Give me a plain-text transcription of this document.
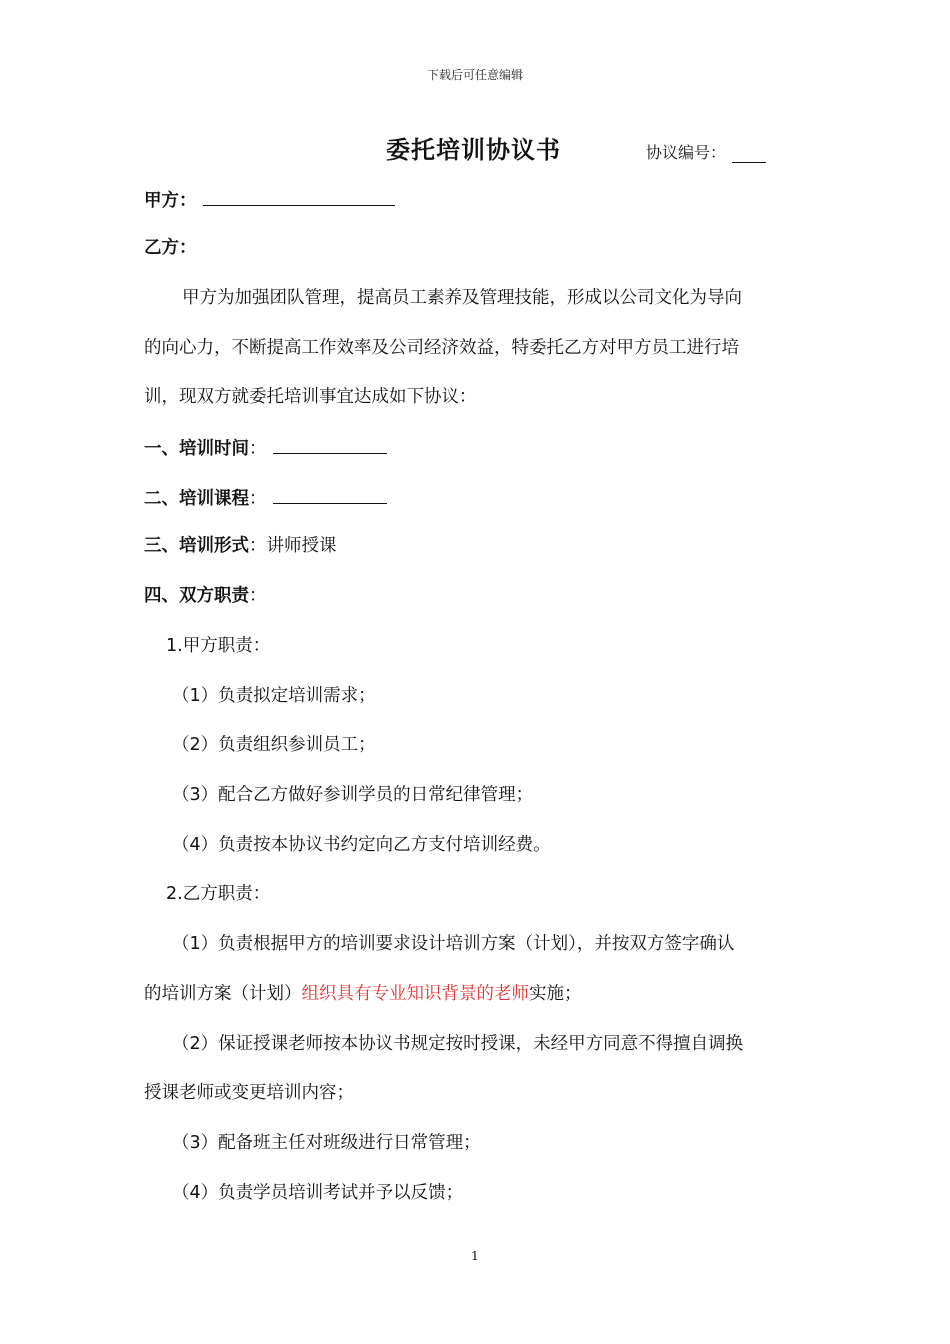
下载后可任意编辑
委托培训协议书	协议编号：
甲方：
乙方：
甲方为加强团队管理，提高员工素养及管理技能，形成以公司文化为导向
的向心力，不断提高工作效率及公司经济效益，特委托乙方对甲方员工进行培
训，现双方就委托培训事宜达成如下协议：
一、培训时间：
二、培训课程：
三、培训形式：讲师授课
四、双方职责：
1.甲方职责：
（1）负责拟定培训需求；
（2）负责组织参训员工；
（3）配合乙方做好参训学员的日常纪律管理；
（4）负责按本协议书约定向乙方支付培训经费。
2.乙方职责：
（1）负责根据甲方的培训要求设计培训方案（计划），并按双方签字确认
的培训方案（计划）组织具有专业知识背景的老师实施；
（2）保证授课老师按本协议书规定按时授课，未经甲方同意不得擅自调换
授课老师或变更培训内容；
（3）配备班主任对班级进行日常管理；
（4）负责学员培训考试并予以反馈；
1
